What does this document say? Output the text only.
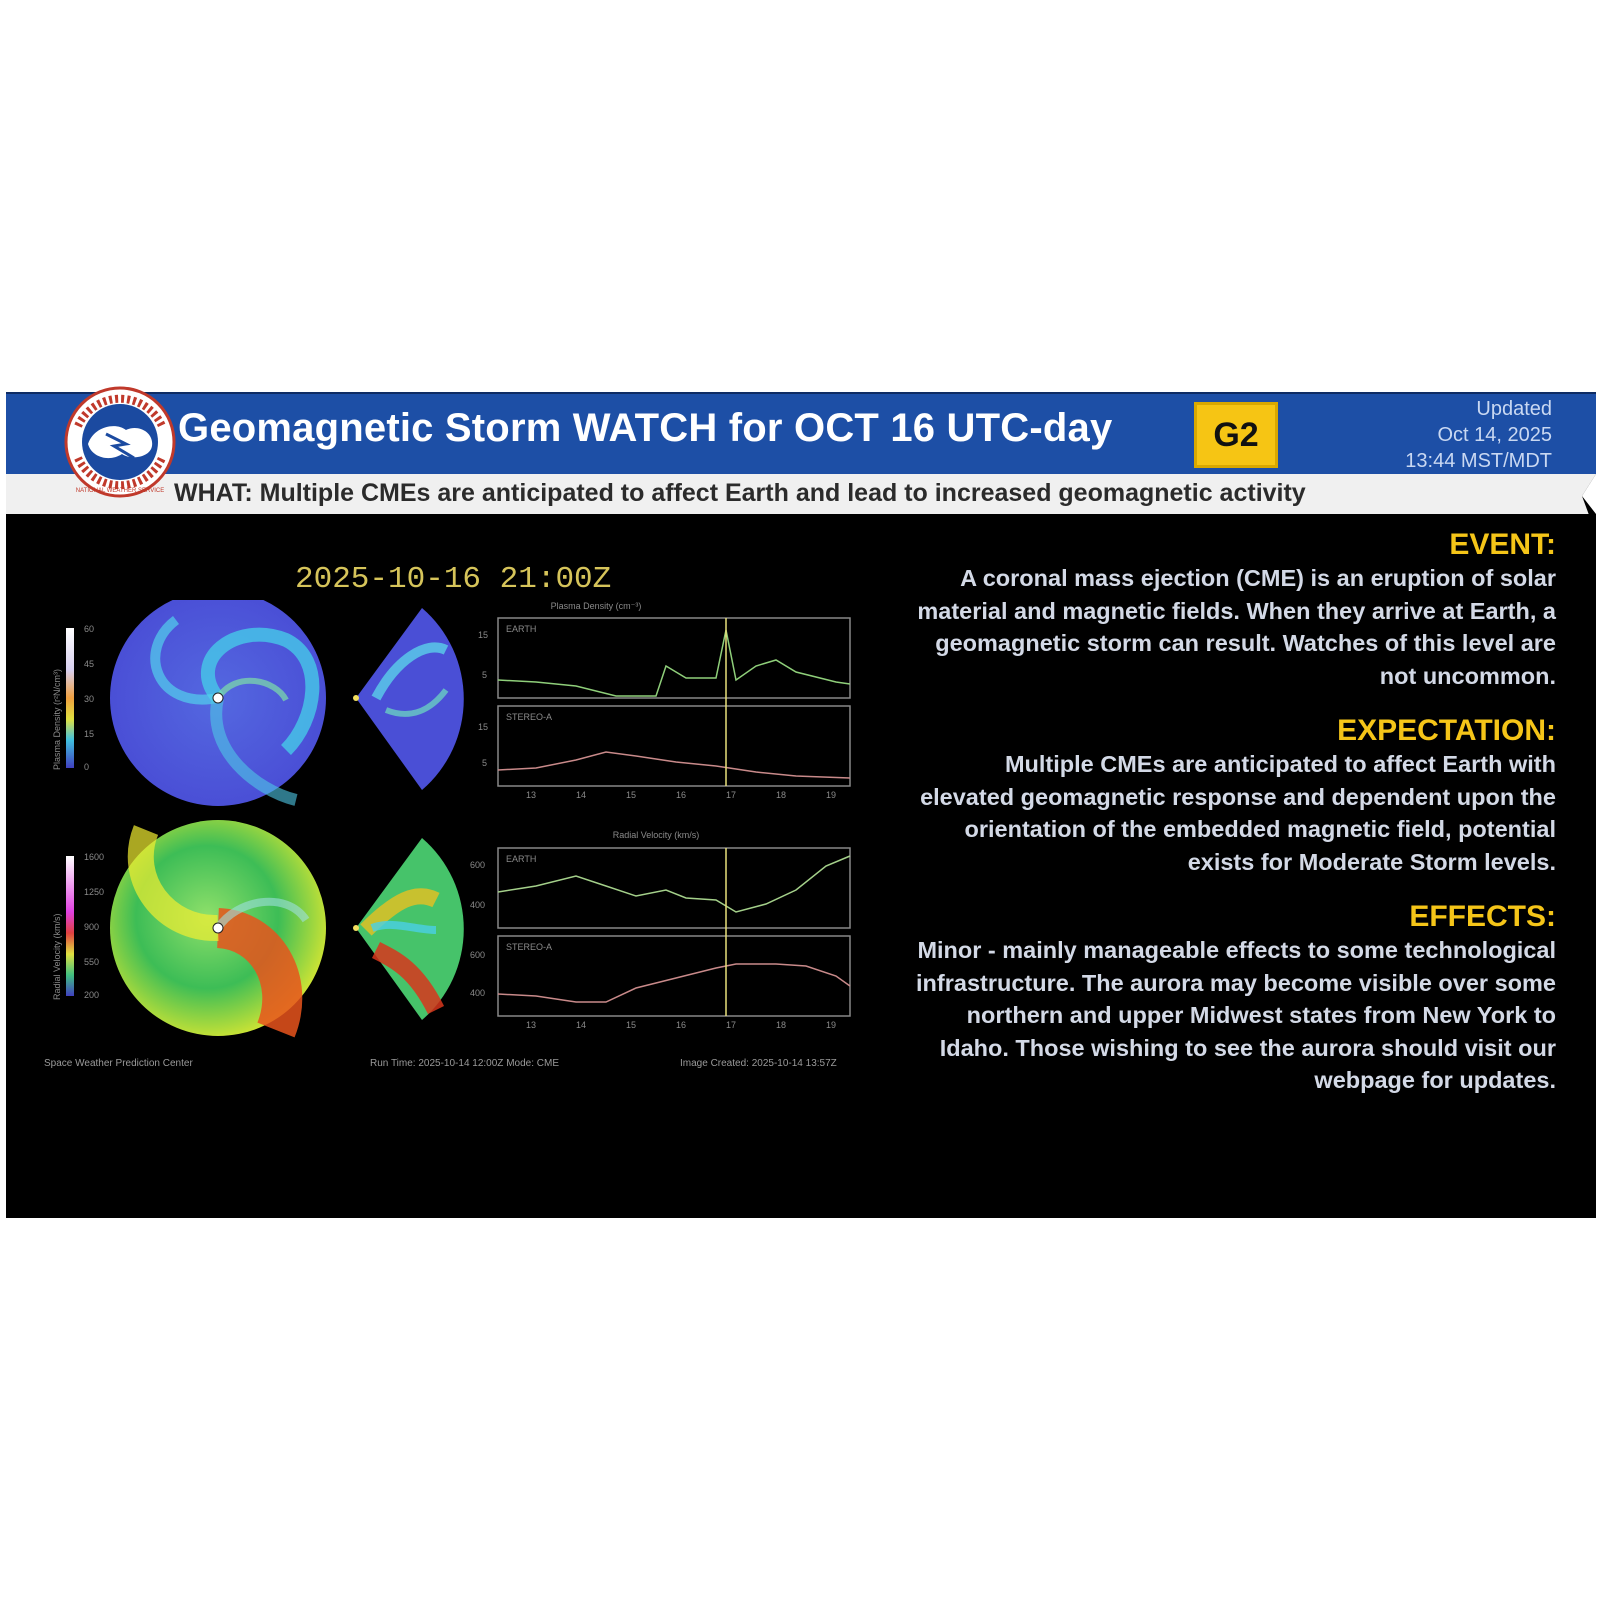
Geomagnetic Storm WATCH for OCT 16 UTC-day	G2
Updated
Oct 14, 2025
13:44 MST/MDT
WHAT: Multiple CMEs are anticipated to affect Earth and lead to increased geomagnetic activity
NATIONAL WEATHER SERVICE
2025-10-16 21:00Z
Plasma Density (r²N/cm³)
60
45
30
15
0
Plasma Density (cm⁻³)
EARTH
15
5
STEREO-A
15
5
13	14	15	16	17	18	19
Radial Velocity (km/s)
1600
1250
900
550
200
Radial Velocity (km/s)
EARTH
600
400
STEREO-A
600
400
13	14	15	16	17	18	19
Space Weather Prediction Center	Run Time: 2025-10-14 12:00Z Mode: CME	Image Created: 2025-10-14 13:57Z
EVENT:
A coronal mass ejection (CME) is an eruption of solar material and magnetic fields. When they arrive at Earth, a geomagnetic storm can result. Watches of this level are not uncommon.
EXPECTATION:
Multiple CMEs are anticipated to affect Earth with elevated geomagnetic response and dependent upon the orientation of the embedded magnetic field, potential exists for Moderate Storm levels.
EFFECTS:
Minor - mainly manageable effects to some technological infrastructure. The aurora may become visible over some northern and upper Midwest states from New York to Idaho. Those wishing to see the aurora should visit our webpage for updates.
